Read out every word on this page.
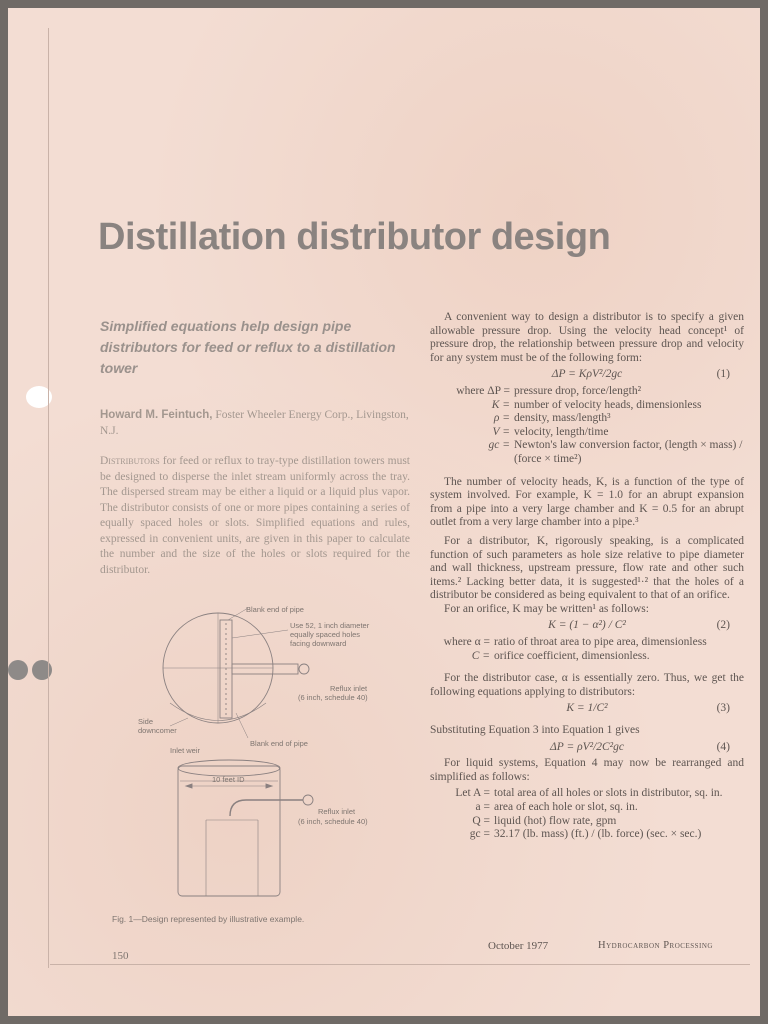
Distillation distributor design
Simplified equations help design pipe distributors for feed or reflux to a distillation tower
Howard M. Feintuch, Foster Wheeler Energy Corp., Livingston, N.J.
Distributors for feed or reflux to tray-type distillation towers must be designed to disperse the inlet stream uniformly across the tray. The dispersed stream may be either a liquid or a liquid plus vapor. The distributor consists of one or more pipes containing a series of equally spaced holes or slots. Simplified equations and rules, expressed in convenient units, are given in this paper to calculate the number and the size of the holes or slots required for the distributor.
Blank end of pipe
Use 52, 1 inch diameter
equally spaced holes
facing downward
Reflux inlet
(6 inch, schedule 40)
Side
downcomer
Inlet weir
Blank end of pipe
10 feet ID
Reflux inlet
(6 inch, schedule 40)
Fig. 1—Design represented by illustrative example.

A convenient way to design a distributor is to specify a given allowable pressure drop. Using the velocity head concept¹ of pressure drop, the relationship between pressure drop and velocity for any system must be of the following form:

ΔP = KρV²/2gc	(1)
where ΔP = pressure drop, force/length²
K = number of velocity heads, dimensionless
ρ = density, mass/length³
V = velocity, length/time
gc = Newton's law conversion factor, (length × mass) / (force × time²)

The number of velocity heads, K, is a function of the type of system involved. For example, K = 1.0 for an abrupt expansion from a pipe into a very large chamber and K = 0.5 for an abrupt outlet from a very large chamber into a pipe.³

For a distributor, K, rigorously speaking, is a complicated function of such parameters as hole size relative to pipe diameter and wall thickness, upstream pressure, flow rate and other such items.² Lacking better data, it is suggested¹·² that the holes of a distributor be considered as being equivalent to that of an orifice.

For an orifice, K may be written¹ as follows:

K = (1 − α²) / C²	(2)
where α = ratio of throat area to pipe area, dimensionless
C = orifice coefficient, dimensionless.

For the distributor case, α is essentially zero. Thus, we get the following equations applying to distributors:

K = 1/C²	(3)

Substituting Equation 3 into Equation 1 gives

ΔP = ρV²/2C²gc	(4)

For liquid systems, Equation 4 may now be rearranged and simplified as follows:

Let A = total area of all holes or slots in distributor, sq. in.
a = area of each hole or slot, sq. in.
Q = liquid (hot) flow rate, gpm
gc = 32.17 (lb. mass) (ft.) / (lb. force) (sec. × sec.)
150
October 1977	Hydrocarbon Processing
